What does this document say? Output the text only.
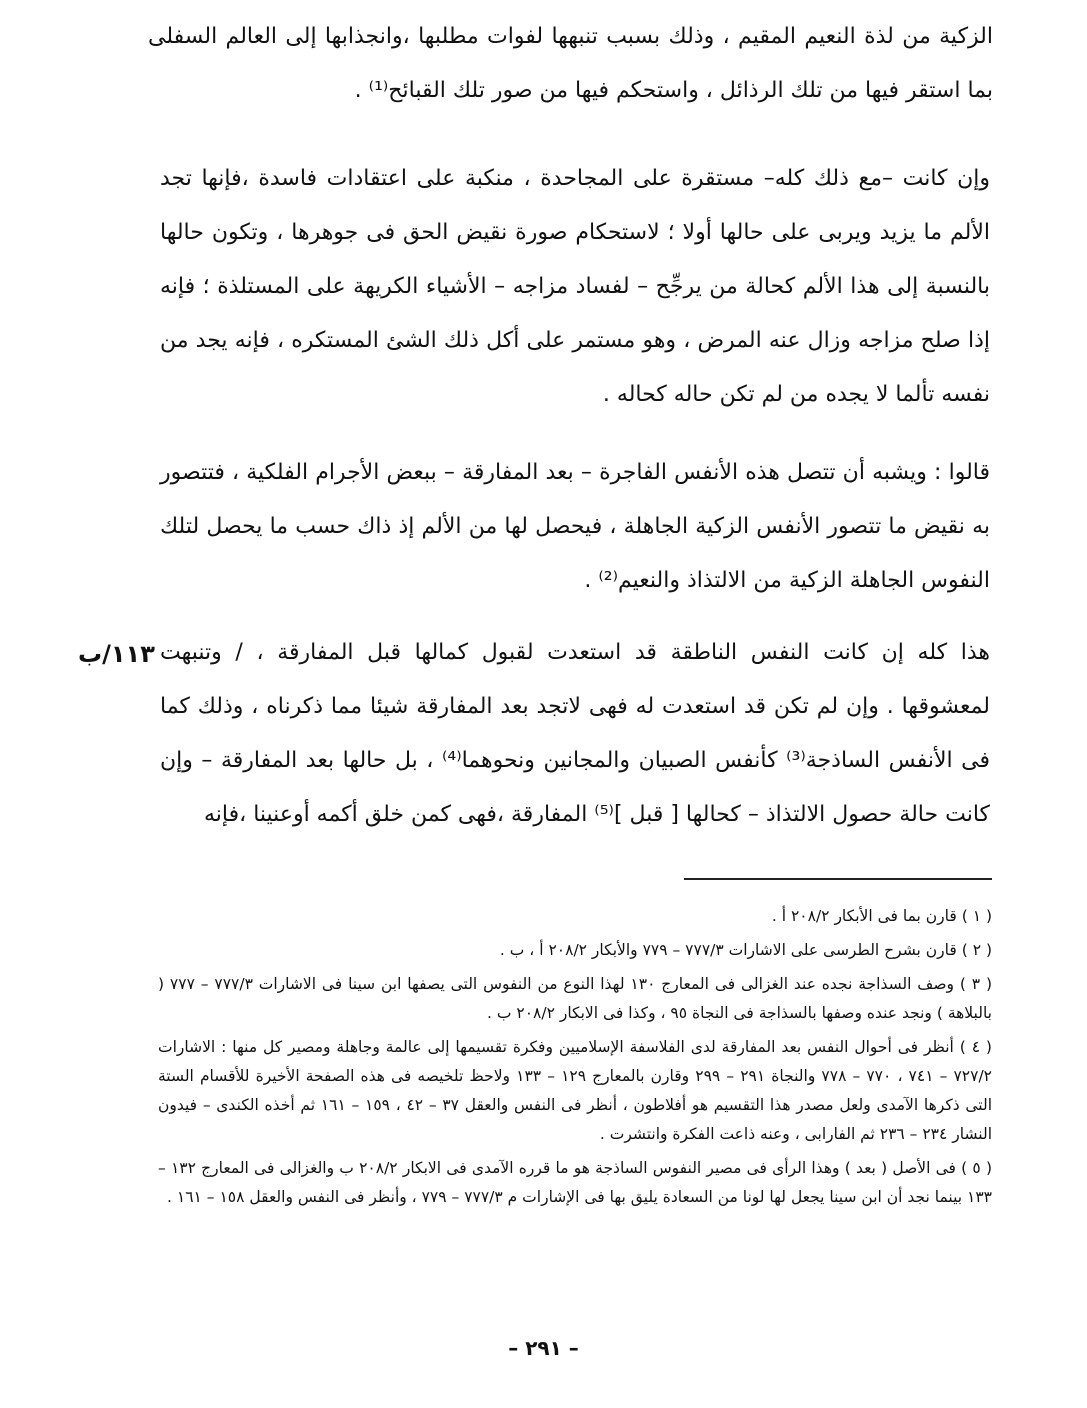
الزكية من لذة النعيم المقيم ، وذلك بسبب تنبهها لفوات مطلبها ،وانجذابها إلى العالم السفلى بما استقر فيها من تلك الرذائل ، واستحكم فيها من صور تلك القبائح⁽¹⁾ .

وإن كانت –مع ذلك كله– مستقرة على المجاحدة ، منكبة على اعتقادات فاسدة ،فإنها تجد الألم ما يزيد ويربى على حالها أولا ؛ لاستحكام صورة نقيض الحق فى جوهرها ، وتكون حالها بالنسبة إلى هذا الألم كحالة من يرجِّح – لفساد مزاجه – الأشياء الكريهة على المستلذة ؛ فإنه إذا صلح مزاجه وزال عنه المرض ، وهو مستمر على أكل ذلك الشئ المستكره ، فإنه يجد من نفسه تألما لا يجده من لم تكن حاله كحاله .

قالوا : ويشبه أن تتصل هذه الأنفس الفاجرة – بعد المفارقة – ببعض الأجرام الفلكية ، فتتصور به نقيض ما تتصور الأنفس الزكية الجاهلة ، فيحصل لها من الألم إذ ذاك حسب ما يحصل لتلك النفوس الجاهلة الزكية من الالتذاذ والنعيم⁽²⁾ .

هذا كله إن كانت النفس الناطقة قد استعدت لقبول كمالها قبل المفارقة ، / وتنبهت لمعشوقها . وإن لم تكن قد استعدت له فهى لاتجد بعد المفارقة شيئا مما ذكرناه ، وذلك كما فى الأنفس الساذجة⁽³⁾ كأنفس الصبيان والمجانين ونحوهما⁽⁴⁾ ، بل حالها بعد المفارقة – وإن كانت حالة حصول الالتذاذ – كحالها [ قبل ]⁽⁵⁾ المفارقة ،فهى كمن خلق أكمه أوعنينا ،فإنه

١١٣/ب

( ١ ) قارن بما فى الأبكار ٢٠٨/٢ أ .

( ٢ ) قارن بشرح الطرسى على الاشارات ٧٧٧/٣ – ٧٧٩ والأبكار ٢٠٨/٢ أ ، ب .

( ٣ ) وصف السذاجة نجده عند الغزالى فى المعارج ١٣٠ لهذا النوع من النفوس التى يصفها ابن سينا فى الاشارات ٧٧٧/٣ – ٧٧٧ ( بالبلاهة ) ونجد عنده وصفها بالسذاجة فى النجاة ٩٥ ، وكذا فى الابكار ٢٠٨/٢ ب .

( ٤ ) أنظر فى أحوال النفس بعد المفارقة لدى الفلاسفة الإسلاميين وفكرة تقسيمها إلى عالمة وجاهلة ومصير كل منها : الاشارات ٧٢٧/٢ – ٧٤١ ، ٧٧٠ – ٧٧٨ والنجاة ٢٩١ – ٢٩٩ وقارن بالمعارج ١٢٩ – ١٣٣ ولاحظ تلخيصه فى هذه الصفحة الأخيرة للأقسام الستة التى ذكرها الآمدى ولعل مصدر هذا التقسيم هو أفلاطون ، أنظر فى النفس والعقل ٣٧ – ٤٢ ، ١٥٩ – ١٦١ ثم أخذه الكندى – فيدون النشار ٢٣٤ – ٢٣٦ ثم الفارابى ، وعنه ذاعت الفكرة وانتشرت .

( ٥ ) فى الأصل ( بعد ) وهذا الرأى فى مصير النفوس الساذجة هو ما قرره الآمدى فى الابكار ٢٠٨/٢ ب والغزالى فى المعارج ١٣٢ – ١٣٣ بينما نجد أن ابن سينا يجعل لها لونا من السعادة يليق بها فى الإشارات م ٧٧٧/٣ – ٧٧٩ ، وأنظر فى النفس والعقل ١٥٨ – ١٦١ .

– ٢٩١ –
